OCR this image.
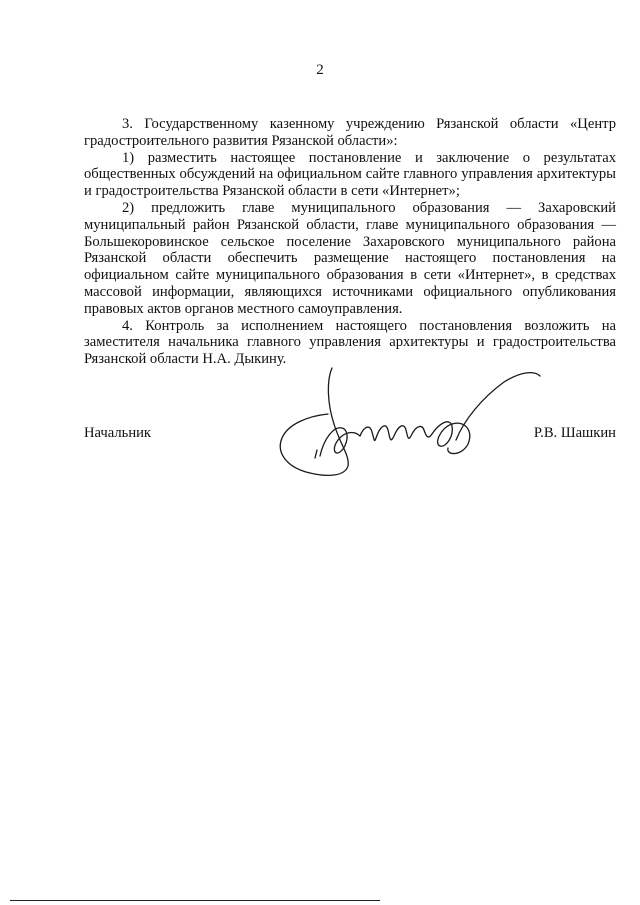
2

3. Государственному казенному учреждению Рязанской области «Центр градостроительного развития Рязанской области»:

1) разместить настоящее постановление и заключение о результатах общественных обсуждений на официальном сайте главного управления архитектуры и градостроительства Рязанской области в сети «Интернет»;

2) предложить главе муниципального образования — Захаровский муниципальный район Рязанской области, главе муниципального образования — Большекоровинское сельское поселение Захаровского муниципального района Рязанской области обеспечить размещение настоящего постановления на официальном сайте муниципального образования в сети «Интернет», в средствах массовой информации, являющихся источниками официального опубликования правовых актов органов местного самоуправления.

4. Контроль за исполнением настоящего постановления возложить на заместителя начальника главного управления архитектуры и градостроительства Рязанской области Н.А. Дыкину.

Начальник	Р.В. Шашкин
